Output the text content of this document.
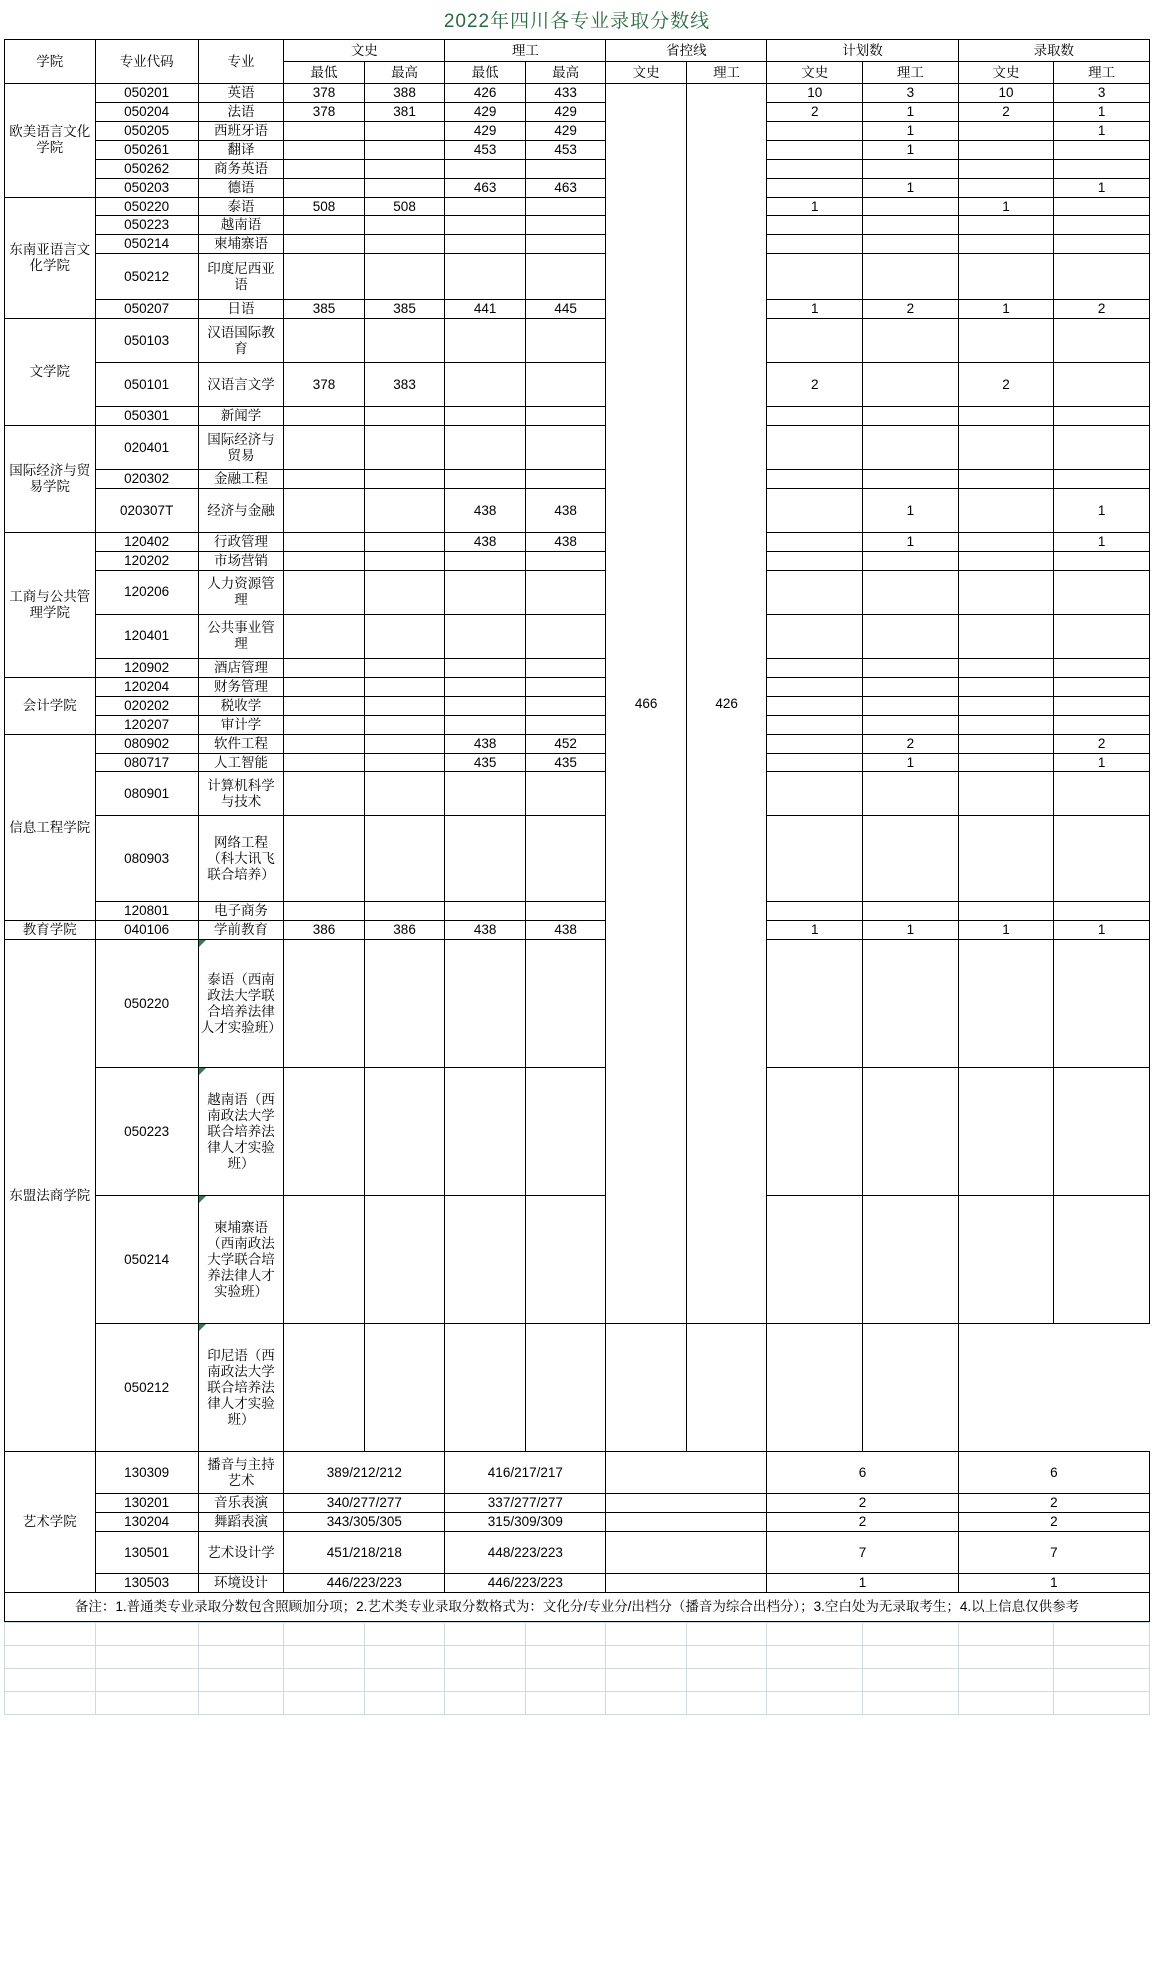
2022年四川各专业录取分数线
学院	专业代码	专业	文史		理工		省控线		计划数		录取数	
			最低	最高	最低	最高	文史	理工	文史	理工	文史	理工
欧美语言文化学院	050201	英语	378	388	426	433	466	426	10	3	10	3
	050204	法语	378	381	429	429			2	1	2	1
	050205	西班牙语			429	429				1		1
	050261	翻译			453	453				1		
	050262	商务英语										
	050203	德语			463	463				1		1
东南亚语言文化学院	050220	泰语	508	508					1		1	
	050223	越南语										
	050214	柬埔寨语										
	050212	印度尼西亚语										
	050207	日语	385	385	441	445			1	2	1	2
文学院	050103	汉语国际教育										
	050101	汉语言文学	378	383					2		2	
	050301	新闻学										
国际经济与贸易学院	020401	国际经济与贸易										
	020302	金融工程										
	020307T	经济与金融			438	438				1		1
工商与公共管理学院	120402	行政管理			438	438				1		1
	120202	市场营销										
	120206	人力资源管理										
	120401	公共事业管理										
	120902	酒店管理										
会计学院	120204	财务管理										
	020202	税收学										
	120207	审计学										
信息工程学院	080902	软件工程			438	452				2		2
	080717	人工智能			435	435				1		1
	080901	计算机科学与技术										
	080903	网络工程（科大讯飞联合培养）										
	120801	电子商务										
教育学院	040106	学前教育	386	386	438	438			1	1	1	1
东盟法商学院	050220	泰语（西南政法大学联合培养法律人才实验班）										
	050223	越南语（西南政法大学联合培养法律人才实验班）										
	050214	柬埔寨语（西南政法大学联合培养法律人才实验班）										
	050212	印尼语（西南政法大学联合培养法律人才实验班）										
艺术学院	130309	播音与主持艺术	389/212/212		416/217/217				6		6	
	130201	音乐表演	340/277/277		337/277/277				2		2	
	130204	舞蹈表演	343/305/305		315/309/309				2		2	
	130501	艺术设计学	451/218/218		448/223/223				7		7	
	130503	环境设计	446/223/223		446/223/223				1		1	
备注：1.普通类专业录取分数包含照顾加分项；2.艺术类专业录取分数格式为：文化分/专业分/出档分（播音为综合出档分）；3.空白处为无录取考生；4.以上信息仅供参考
